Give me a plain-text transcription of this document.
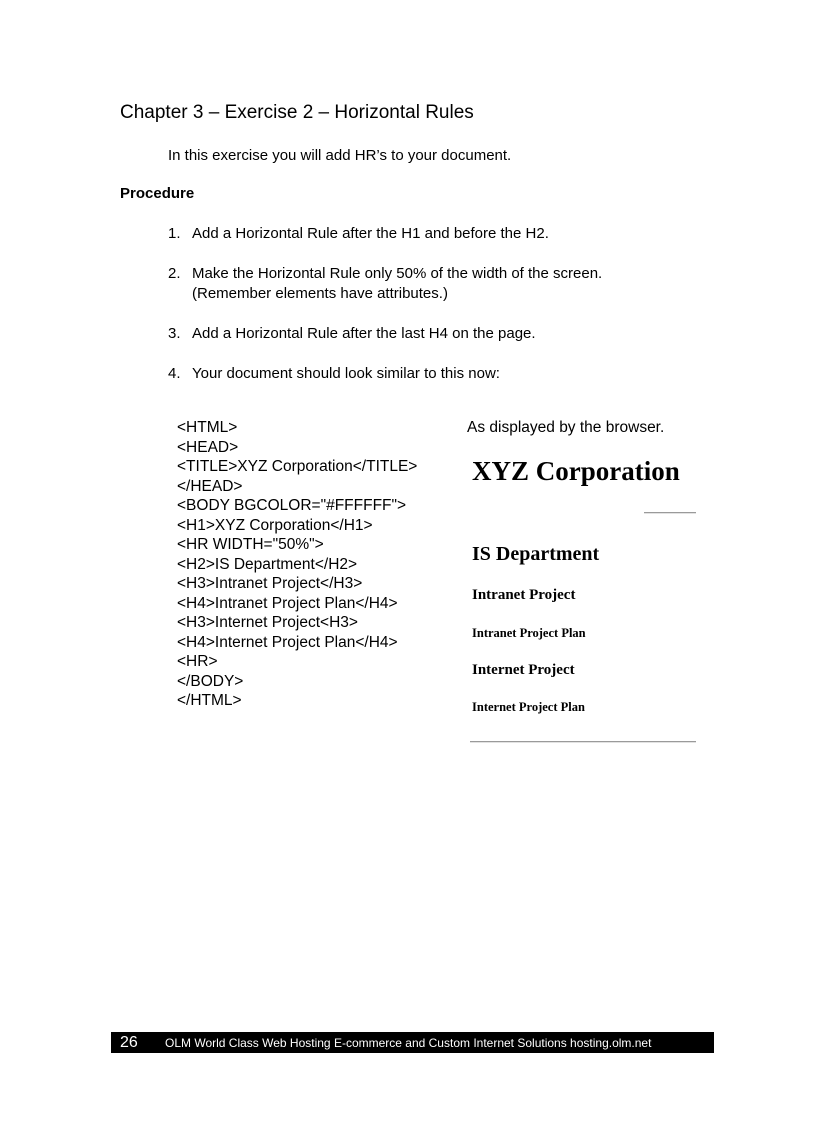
Chapter 3 – Exercise 2 – Horizontal Rules
In this exercise you will add HR’s to your document.
Procedure
1. Add a Horizontal Rule after the H1 and before the H2.
2. Make the Horizontal Rule only 50% of the width of the screen.
(Remember elements have attributes.)
3. Add a Horizontal Rule after the last H4 on the page.
4. Your document should look similar to this now:
<HTML>
<HEAD>
<TITLE>XYZ Corporation</TITLE>
</HEAD>
<BODY BGCOLOR="#FFFFFF">
<H1>XYZ Corporation</H1>
<HR WIDTH="50%">
<H2>IS Department</H2>
<H3>Intranet Project</H3>
<H4>Intranet Project Plan</H4>
<H3>Internet Project<H3>
<H4>Internet Project Plan</H4>
<HR>
</BODY>
</HTML>
As displayed by the browser.
XYZ Corporation
IS Department
Intranet Project
Intranet Project Plan
Internet Project
Internet Project Plan
26 OLM World Class Web Hosting E-commerce and Custom Internet Solutions hosting.olm.net
